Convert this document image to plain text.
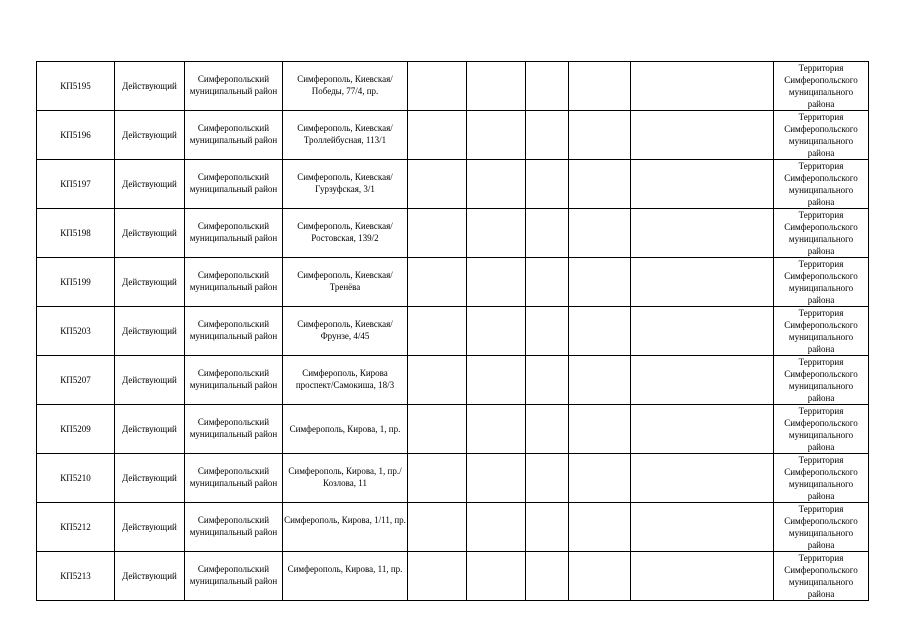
КП5195	Действующий	Симферопольский муниципальный район	Симферополь, Киевская/Победы, 77/4, пр.						Территория Симферопольского муниципального района
КП5196	Действующий	Симферопольский муниципальный район	Симферополь, Киевская/Троллейбусная, 113/1						Территория Симферопольского муниципального района
КП5197	Действующий	Симферопольский муниципальный район	Симферополь, Киевская/Гурзуфская, 3/1						Территория Симферопольского муниципального района
КП5198	Действующий	Симферопольский муниципальный район	Симферополь, Киевская/Ростовская, 139/2						Территория Симферопольского муниципального района
КП5199	Действующий	Симферопольский муниципальный район	Симферополь, Киевская/Тренёва						Территория Симферопольского муниципального района
КП5203	Действующий	Симферопольский муниципальный район	Симферополь, Киевская/Фрунзе, 4/45						Территория Симферопольского муниципального района
КП5207	Действующий	Симферопольский муниципальный район	Симферополь, Кирова проспект/Самокиша, 18/3						Территория Симферопольского муниципального района
КП5209	Действующий	Симферопольский муниципальный район	Симферополь, Кирова, 1, пр.						Территория Симферопольского муниципального района
КП5210	Действующий	Симферопольский муниципальный район	Симферополь, Кирова, 1, пр./Козлова, 11						Территория Симферопольского муниципального района
КП5212	Действующий	Симферопольский муниципальный район	Симферополь, Кирова, 1/11, пр.						Территория Симферопольского муниципального района
КП5213	Действующий	Симферопольский муниципальный район	Симферополь, Кирова, 11, пр.						Территория Симферопольского муниципального района
